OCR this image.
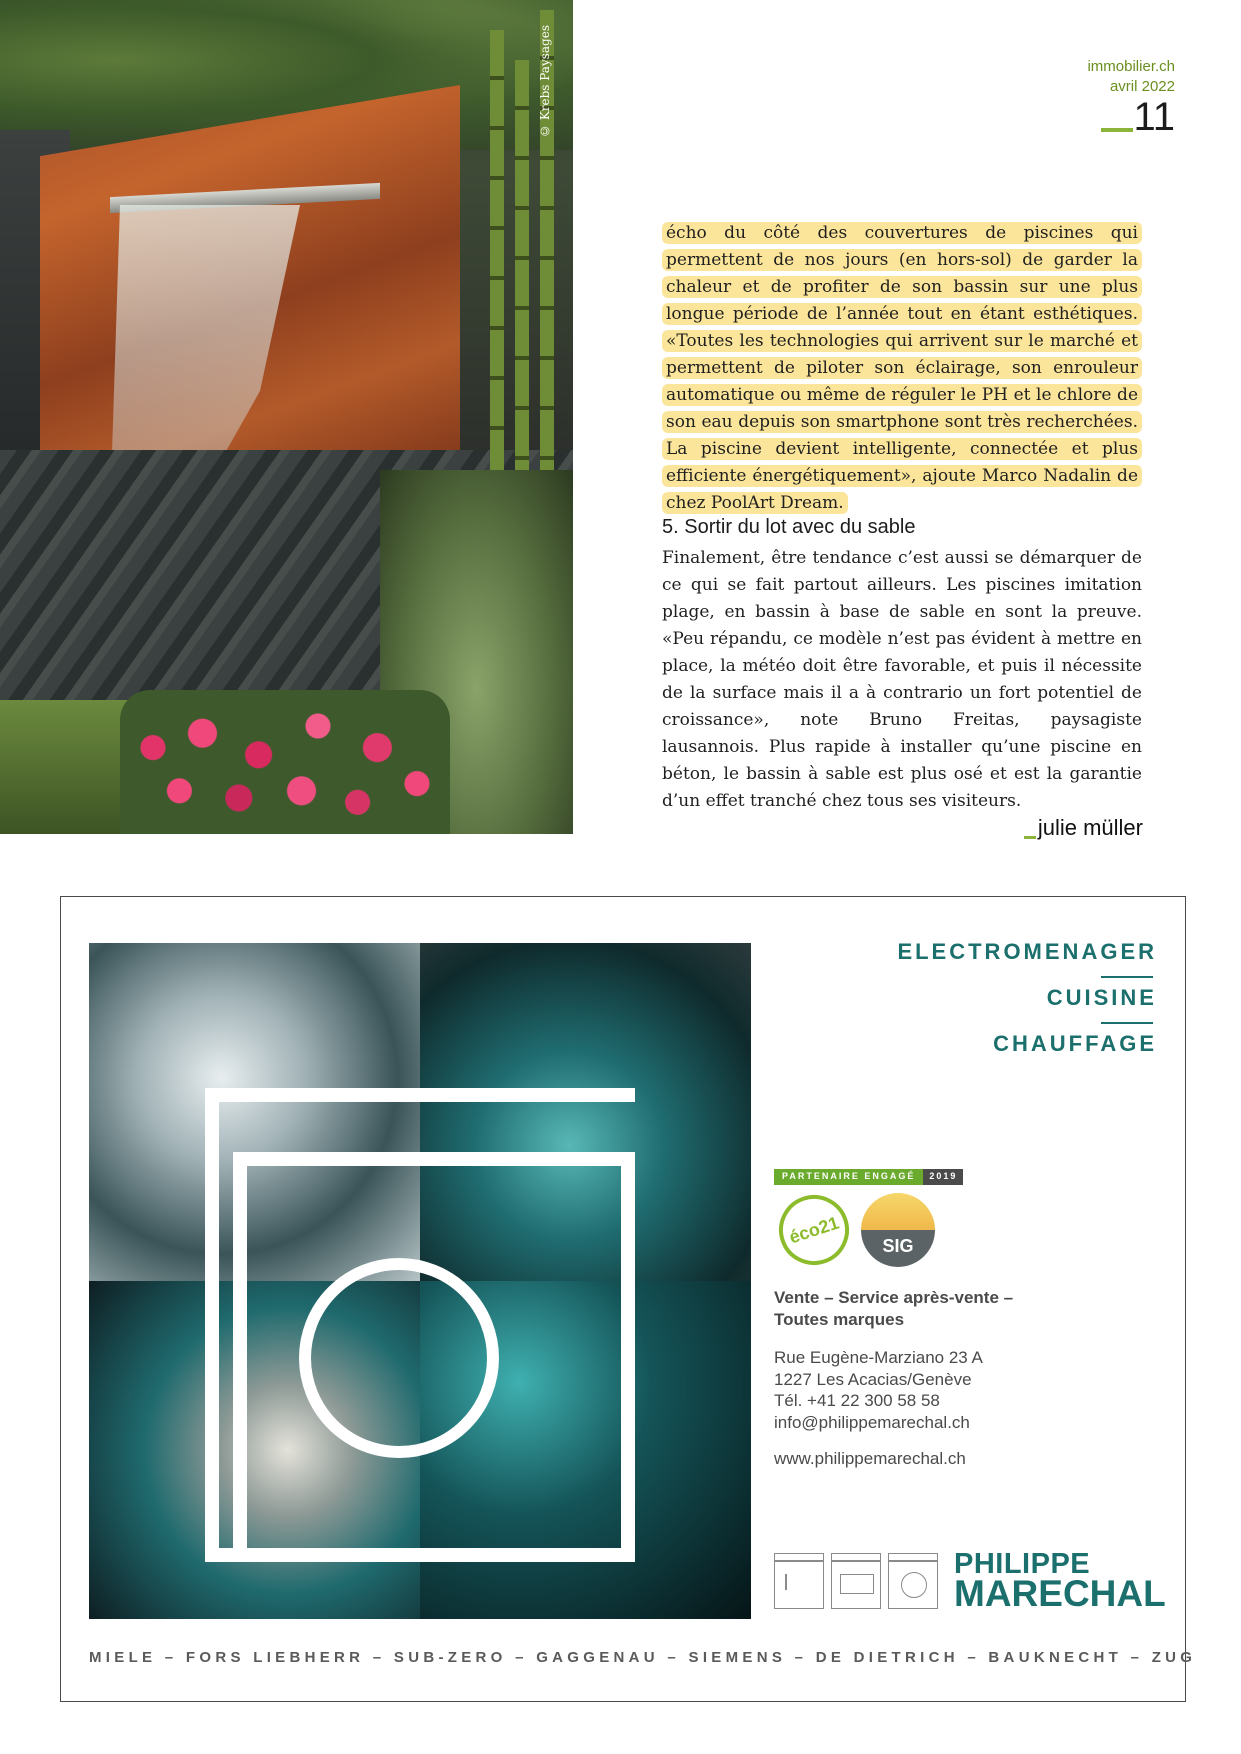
© Krebs Paysages	immobilier.ch
avril 2022
11
écho du côté des couvertures de piscines qui permettent de nos jours (en hors-sol) de garder la chaleur et de profiter de son bassin sur une plus longue période de l’année tout en étant esthétiques. «Toutes les technologies qui arrivent sur le marché et permettent de piloter son éclairage, son enrouleur automatique ou même de réguler le PH et le chlore de son eau depuis son smartphone sont très recherchées. La piscine devient intelligente, connectée et plus efficiente énergétiquement», ajoute Marco Nadalin de chez PoolArt Dream.
5. Sortir du lot avec du sable
Finalement, être tendance c’est aussi se démarquer de ce qui se fait partout ailleurs. Les piscines imitation plage, en bassin à base de sable en sont la preuve. «Peu répandu, ce modèle n’est pas évident à mettre en place, la météo doit être favorable, et puis il nécessite de la surface mais il a à contrario un fort potentiel de croissance», note Bruno Freitas, paysagiste lausannois. Plus rapide à installer qu’une piscine en béton, le bassin à sable est plus osé et est la garantie d’un effet tranché chez tous ses visiteurs.
julie müller
ELECTROMENAGER
CUISINE
CHAUFFAGE
PARTENAIRE ENGAGÉ	2019
éco21	SIG
Vente – Service après-vente –
Toutes marques
Rue Eugène-Marziano 23 A
1227 Les Acacias/Genève
Tél. +41 22 300 58 58
info@philippemarechal.ch
www.philippemarechal.ch
PHILIPPE
MARECHAL
MIELE – FORS LIEBHERR – SUB-ZERO – GAGGENAU – SIEMENS – DE DIETRICH – BAUKNECHT – ZUG
